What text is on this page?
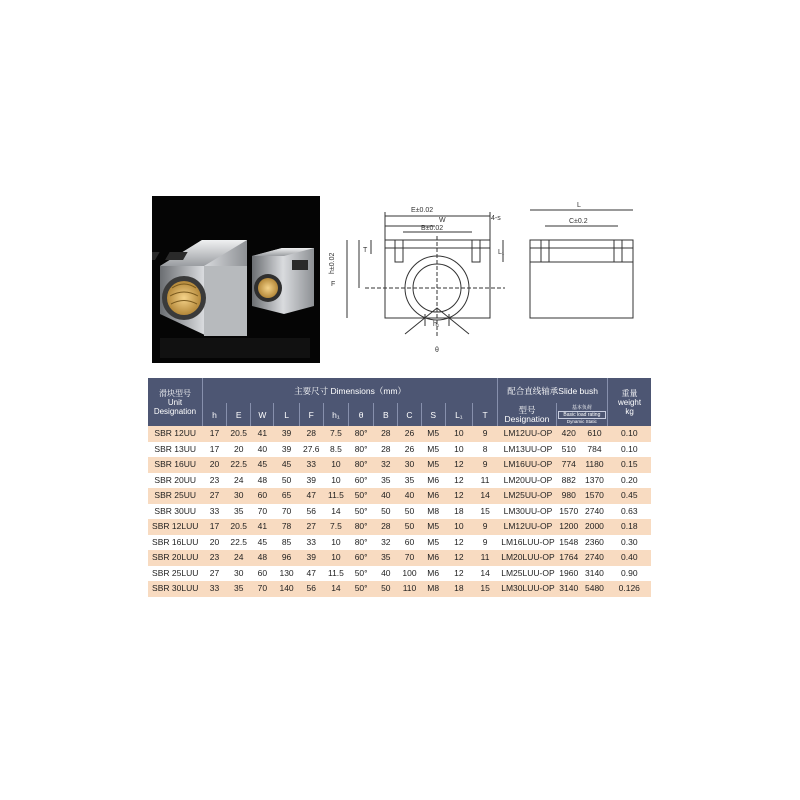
E±0.02
W	4-s
B±0.02
T
F
h±0.02
h₁
θ
L
C±0.2
L₁
滑块型号
Unit
Designation	主要尺寸 Dimensions（mm）												配合直线轴承Slide bush			重量
weight
kg
	h	E	W	L	F	h₁	θ	B	C	S	L₁	T	型号
Designation	基本负荷
Basic load rating
Dynamic Static		

SBR 12UU	17	20.5	41	39	28	7.5	80°	28	26	M5	10	9	LM12UU-OP	420	610	0.10
SBR 13UU	17	20	40	39	27.6	8.5	80°	28	26	M5	10	8	LM13UU-OP	510	784	0.10
SBR 16UU	20	22.5	45	45	33	10	80°	32	30	M5	12	9	LM16UU-OP	774	1180	0.15
SBR 20UU	23	24	48	50	39	10	60°	35	35	M6	12	11	LM20UU-OP	882	1370	0.20
SBR 25UU	27	30	60	65	47	11.5	50°	40	40	M6	12	14	LM25UU-OP	980	1570	0.45
SBR 30UU	33	35	70	70	56	14	50°	50	50	M8	18	15	LM30UU-OP	1570	2740	0.63
SBR 12LUU	17	20.5	41	78	27	7.5	80°	28	50	M5	10	9	LM12UU-OP	1200	2000	0.18
SBR 16LUU	20	22.5	45	85	33	10	80°	32	60	M5	12	9	LM16LUU-OP	1548	2360	0.30
SBR 20LUU	23	24	48	96	39	10	60°	35	70	M6	12	11	LM20LUU-OP	1764	2740	0.40
SBR 25LUU	27	30	60	130	47	11.5	50°	40	100	M6	12	14	LM25LUU-OP	1960	3140	0.90
SBR 30LUU	33	35	70	140	56	14	50°	50	110	M8	18	15	LM30LUU-OP	3140	5480	0.126
